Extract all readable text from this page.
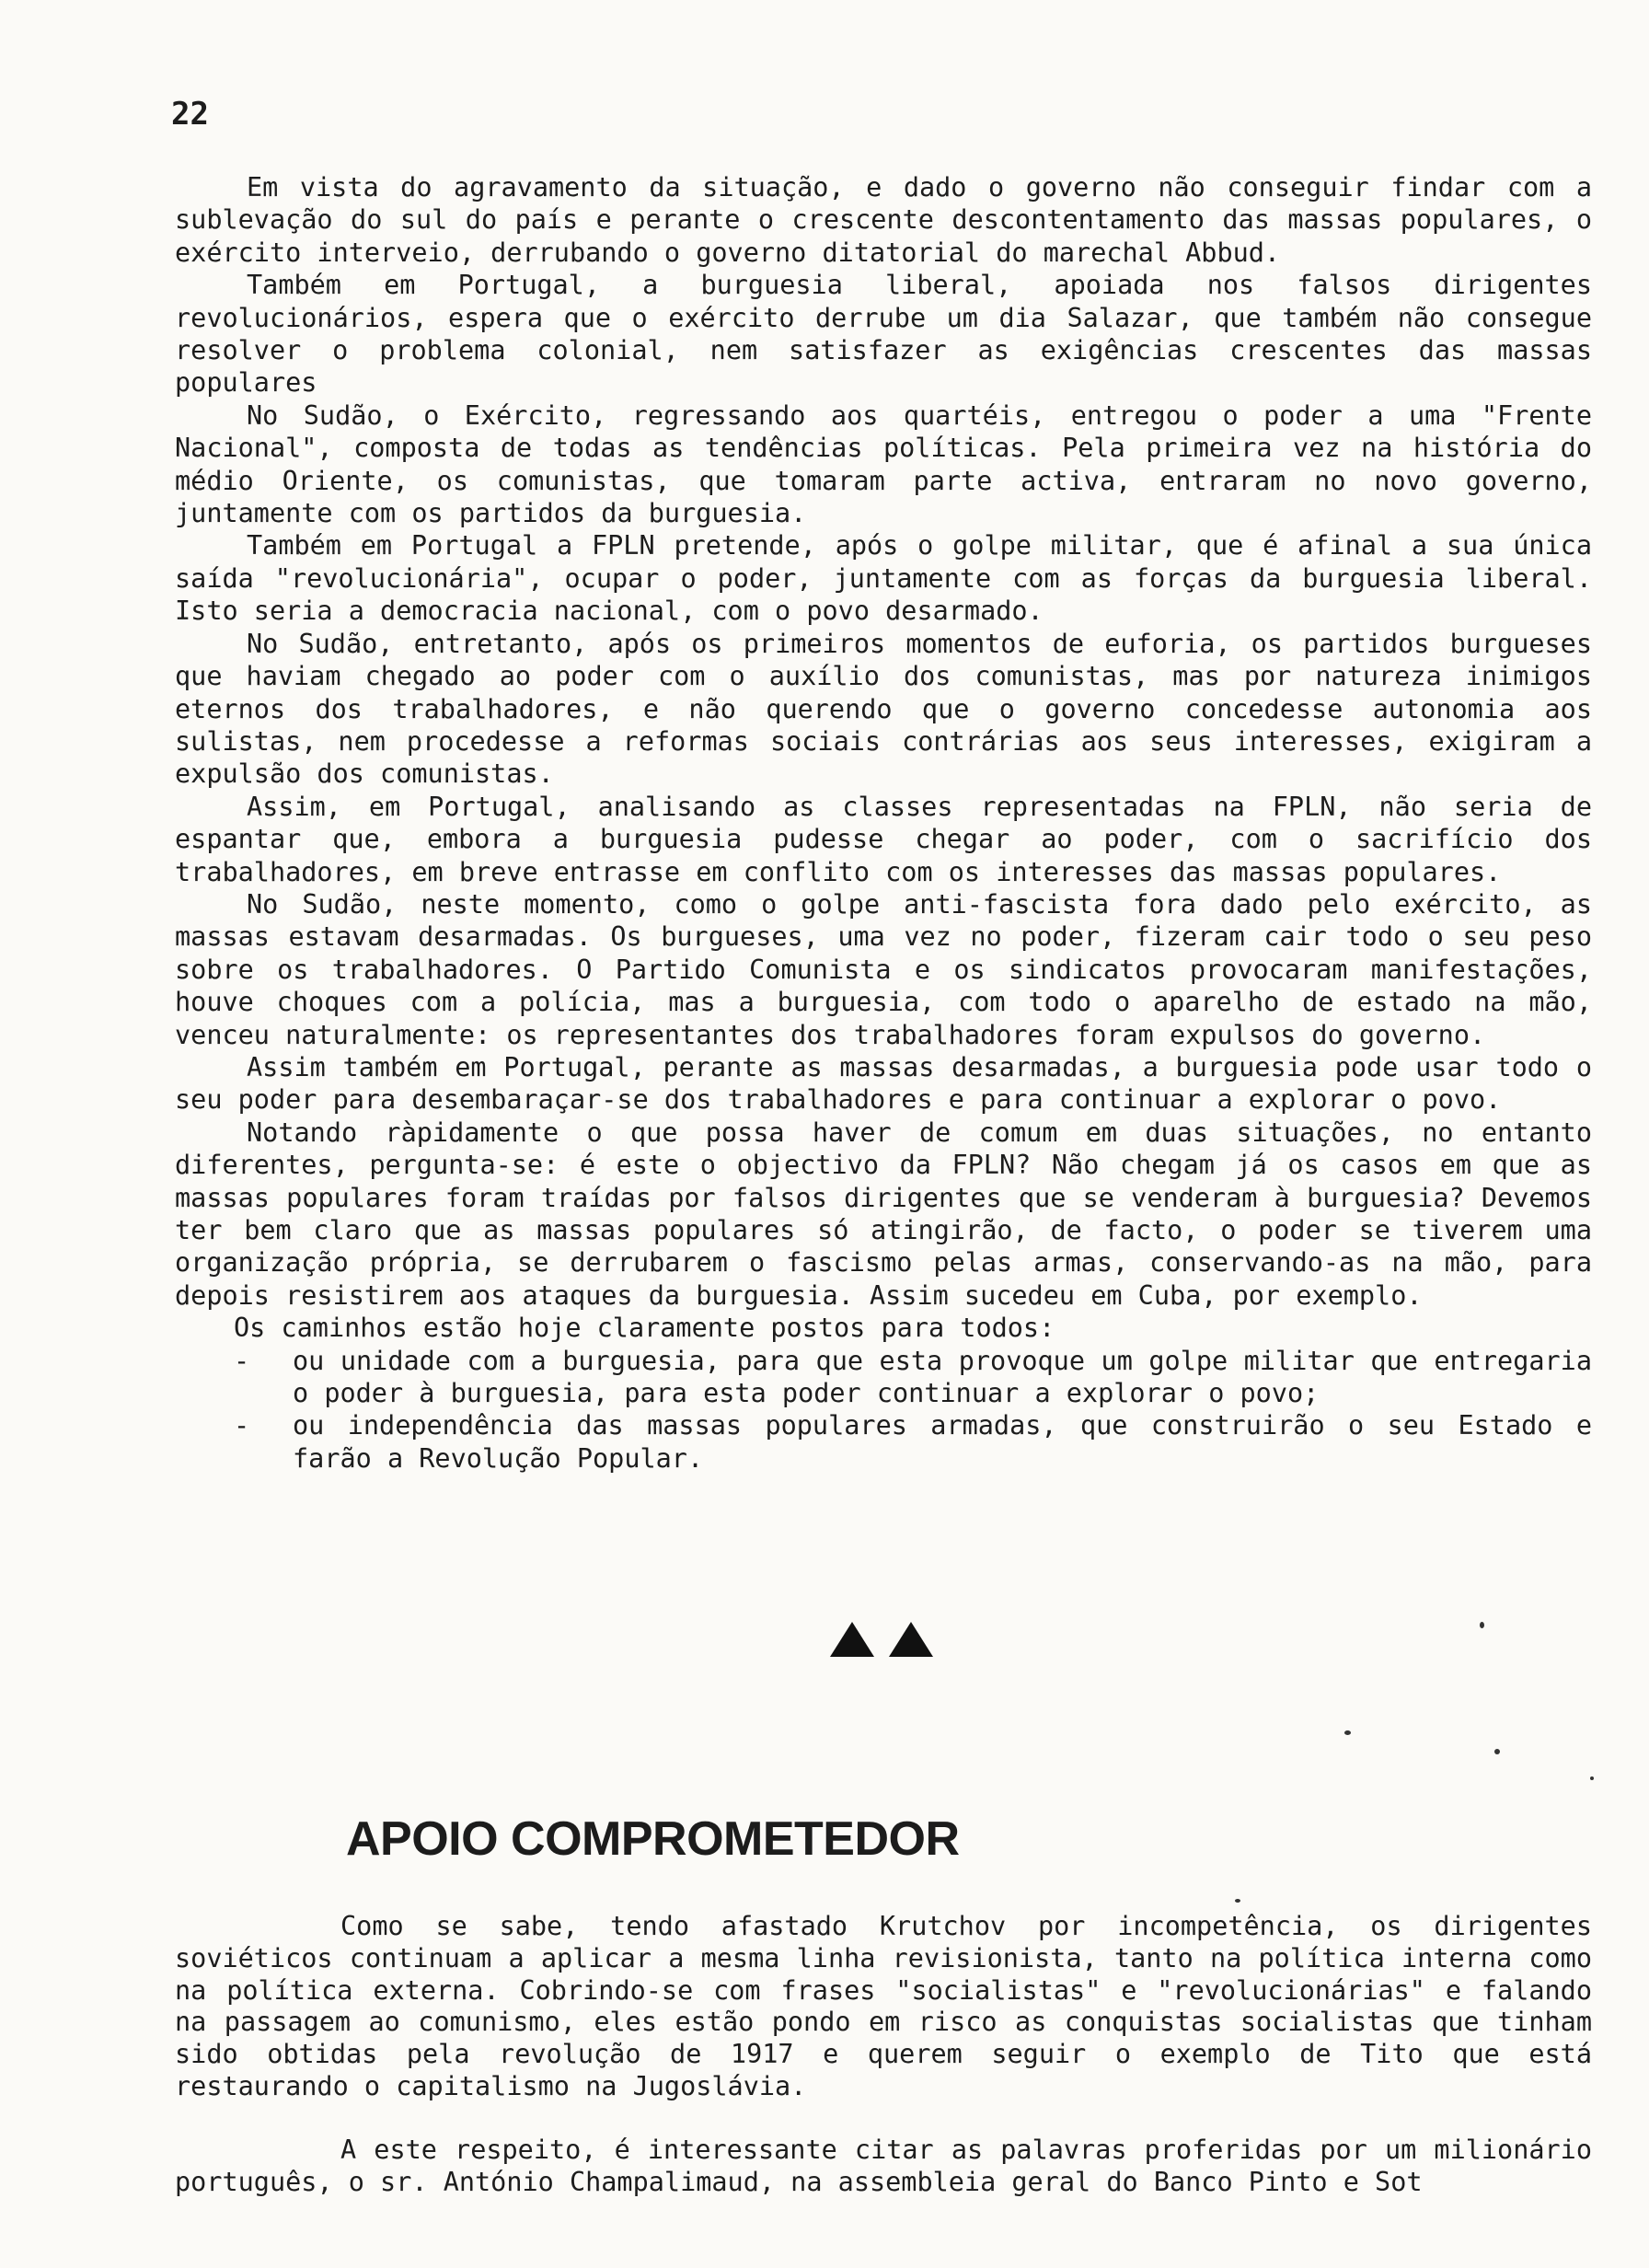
22

Em vista do agravamento da situação, e dado o governo não conseguir findar com a sublevação do sul do país e perante o crescente descontentamento das massas populares, o exército interveio, derrubando o governo ditatorial do marechal Abbud.

Também em Portugal, a burguesia liberal, apoiada nos falsos dirigentes revolucionários, espera que o exército derrube um dia Salazar, que também não consegue resolver o problema colonial, nem satisfazer as exigências crescentes das massas populares

No Sudão, o Exército, regressando aos quartéis, entregou o poder a uma "Frente Nacional", composta de todas as tendências políticas. Pela primeira vez na história do médio Oriente, os comunistas, que tomaram parte activa, entraram no novo governo, juntamente com os partidos da burguesia.

Também em Portugal a FPLN pretende, após o golpe militar, que é afinal a sua única saída "revolucionária", ocupar o poder, juntamente com as forças da burguesia liberal. Isto seria a democracia nacional, com o povo desarmado.

No Sudão, entretanto, após os primeiros momentos de euforia, os partidos burgueses que haviam chegado ao poder com o auxílio dos comunistas, mas por natureza inimigos eternos dos trabalhadores, e não querendo que o governo concedesse autonomia aos sulistas, nem procedesse a reformas sociais contrárias aos seus interesses, exigiram a expulsão dos comunistas.

Assim, em Portugal, analisando as classes representadas na FPLN, não seria de espantar que, embora a burguesia pudesse chegar ao poder, com o sacrifício dos trabalhadores, em breve entrasse em conflito com os interesses das massas populares.

No Sudão, neste momento, como o golpe anti-fascista fora dado pelo exército, as massas estavam desarmadas. Os burgueses, uma vez no poder, fizeram cair todo o seu peso sobre os trabalhadores. O Partido Comunista e os sindicatos provocaram manifestações, houve choques com a polícia, mas a burguesia, com todo o aparelho de estado na mão, venceu naturalmente: os representantes dos trabalhadores foram expulsos do governo.

Assim também em Portugal, perante as massas desarmadas, a burguesia pode usar todo o seu poder para desembaraçar-se dos trabalhadores e para continuar a explorar o povo.

Notando ràpidamente o que possa haver de comum em duas situações, no entanto diferentes, pergunta-se: é este o objectivo da FPLN? Não chegam já os casos em que as massas populares foram traídas por falsos dirigentes que se venderam à burguesia? Devemos ter bem claro que as massas populares só atingirão, de facto, o poder se tiverem uma organização própria, se derrubarem o fascismo pelas armas, conservando-as na mão, para depois resistirem aos ataques da burguesia. Assim sucedeu em Cuba, por exemplo.

Os caminhos estão hoje claramente postos para todos:

- ou unidade com a burguesia, para que esta provoque um golpe militar que entregaria o poder à burguesia, para esta poder continuar a explorar o povo;
- ou independência das massas populares armadas, que construirão o seu Estado e farão a Revolução Popular.
APOIO COMPROMETEDOR

Como se sabe, tendo afastado Krutchov por incompetência, os dirigentes soviéticos continuam a aplicar a mesma linha revisionista, tanto na política interna como na política externa. Cobrindo-se com frases "socialistas" e "revolucionárias" e falando na passagem ao comunismo, eles estão pondo em risco as conquistas socialistas que tinham sido obtidas pela revolução de 1917 e querem seguir o exemplo de Tito que está restaurando o capitalismo na Jugoslávia.

A este respeito, é interessante citar as palavras proferidas por um milionário português, o sr. António Champalimaud, na assembleia geral do Banco Pinto e Sot
